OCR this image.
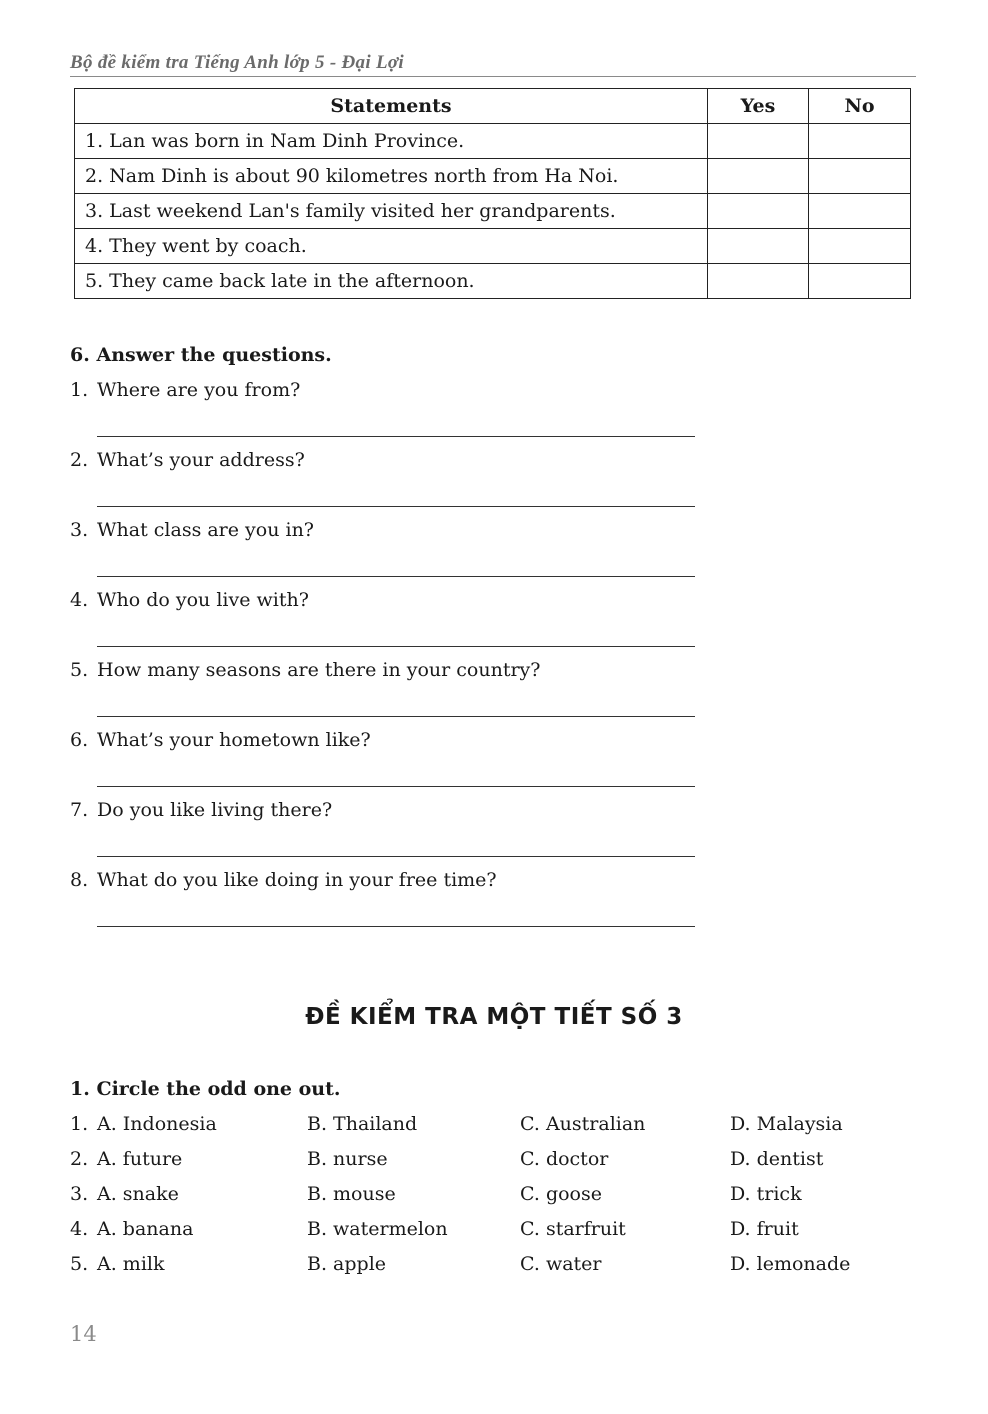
Bộ đề kiểm tra Tiếng Anh lớp 5 - Đại Lợi
Statements	Yes	No
1. Lan was born in Nam Dinh Province.		
2. Nam Dinh is about 90 kilometres north from Ha Noi.		
3. Last weekend Lan's family visited her grandparents.		
4. They went by coach.		
5. They came back late in the afternoon.		
6. Answer the questions.
1. Where are you from?
2. What’s your address?
3. What class are you in?
4. Who do you live with?
5. How many seasons are there in your country?
6. What’s your hometown like?
7. Do you like living there?
8. What do you like doing in your free time?
ĐỀ KIỂM TRA MỘT TIẾT SỐ 3
1. Circle the odd one out.
1. A. Indonesia	B. Thailand	C. Australian	D. Malaysia
2. A. future	B. nurse	C. doctor	D. dentist
3. A. snake	B. mouse	C. goose	D. trick
4. A. banana	B. watermelon	C. starfruit	D. fruit
5. A. milk	B. apple	C. water	D. lemonade
14
